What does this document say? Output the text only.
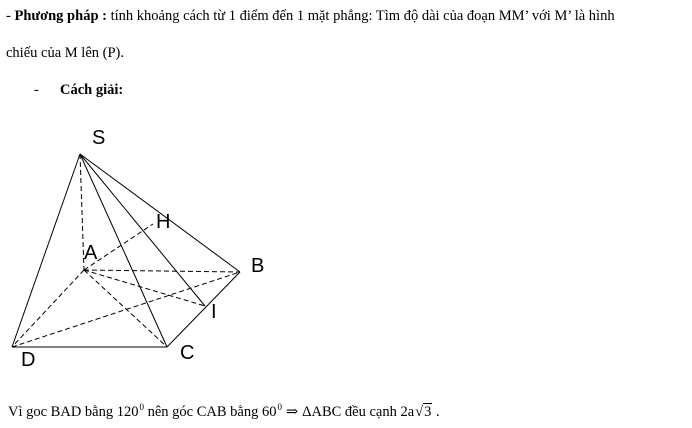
- Phương pháp : tính khoảng cách từ 1 điểm đến 1 mặt phẳng: Tìm độ dài của đoạn MM’ với M’ là hình
chiếu của M lên (P).
- Cách giải:
S
A
B
C
D
H
I
Vì goc BAD bằng $120^0$ nên góc CAB bằng $60^0$ ⇒ ΔABC đều cạnh 2a√3 .
